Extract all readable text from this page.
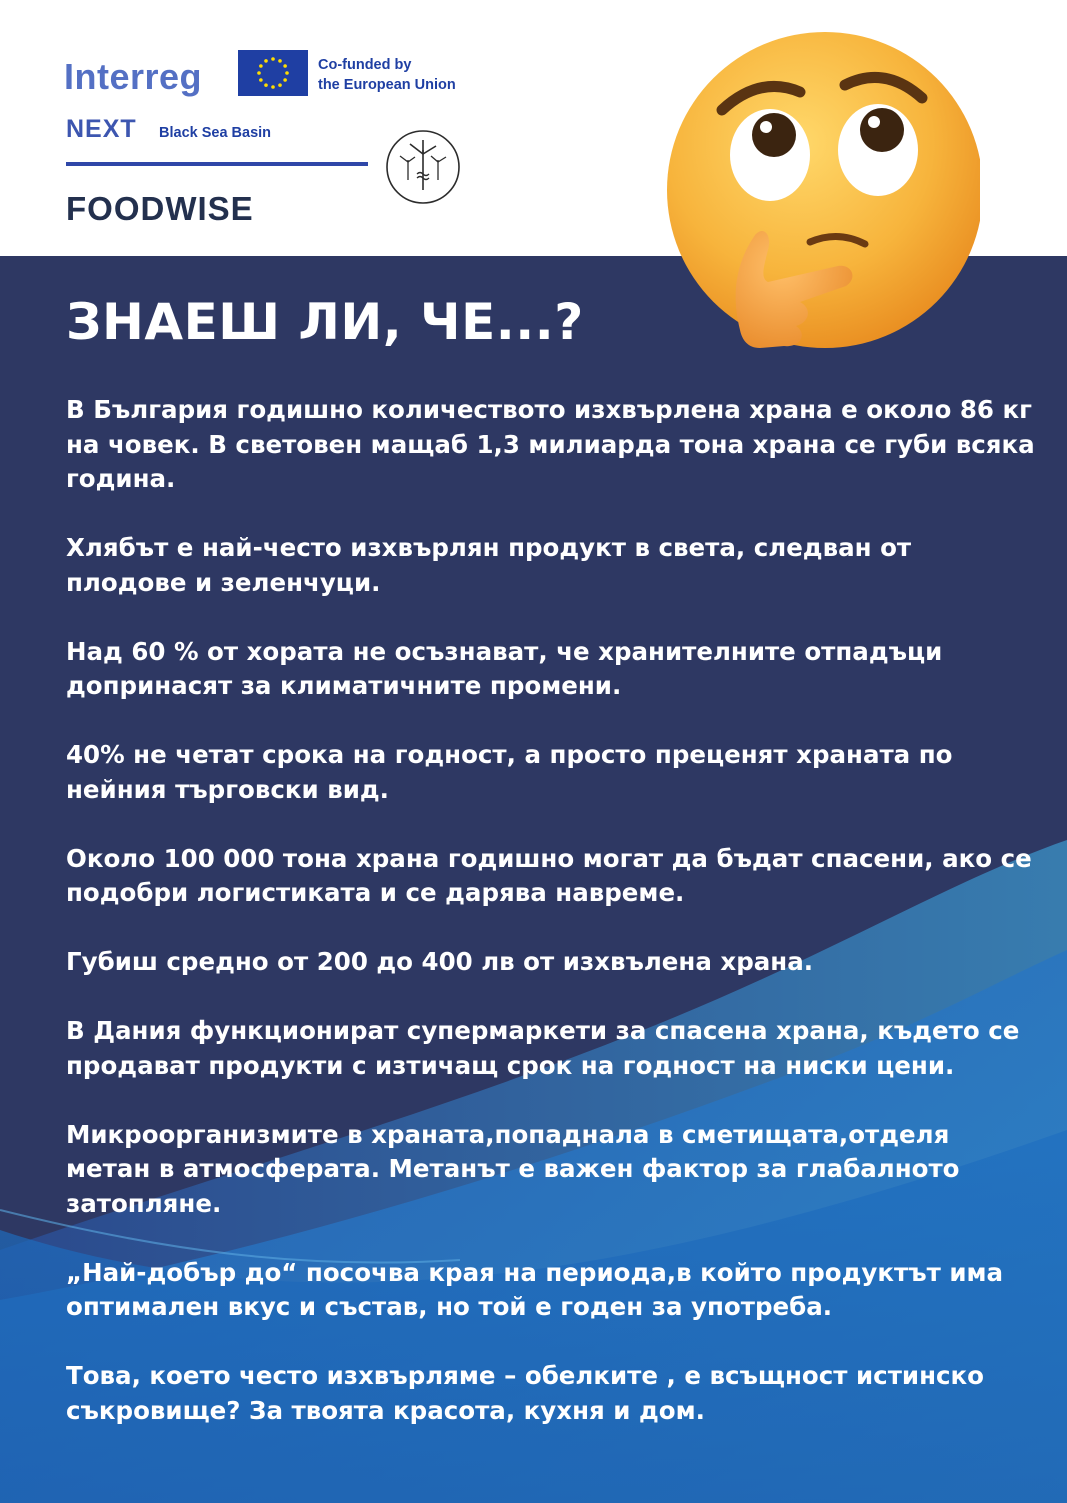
Interreg	Co-funded by
the European Union
NEXT Black Sea Basin
FOODWISE
ЗНАЕШ ЛИ, ЧЕ...?

В България годишно количеството изхвърлена храна е около 86 кг на човек. В световен мащаб 1,3 милиарда тона храна се губи всяка година.

Хлябът е най-често изхвърлян продукт в света, следван от плодове и зеленчуци.

Над 60 % от хората не осъзнават, че хранителните отпадъци допринасят за климатичните промени.

40% не четат срока на годност, а просто преценят храната по нейния търговски вид.

Около 100 000 тона храна годишно могат да бъдат спасени, ако се подобри логистиката и се дарява навреме.

Губиш средно от 200 до 400 лв от изхвълена храна.

В Дания функционират супермаркети за спасена храна, където се продават продукти с изтичащ срок на годност на ниски цени.

Микроорганизмите в храната,попаднала в сметищата,отделя метан в атмосферата. Метанът е важен фактор за глабалното затопляне.

„Най-добър до“ посочва края на периода,в който продуктът има оптимален вкус и състав, но той е годен за употреба.

Това, което често изхвърляме – обелките , е всъщност истинско съкровище? За твоята красота, кухня и дом.
